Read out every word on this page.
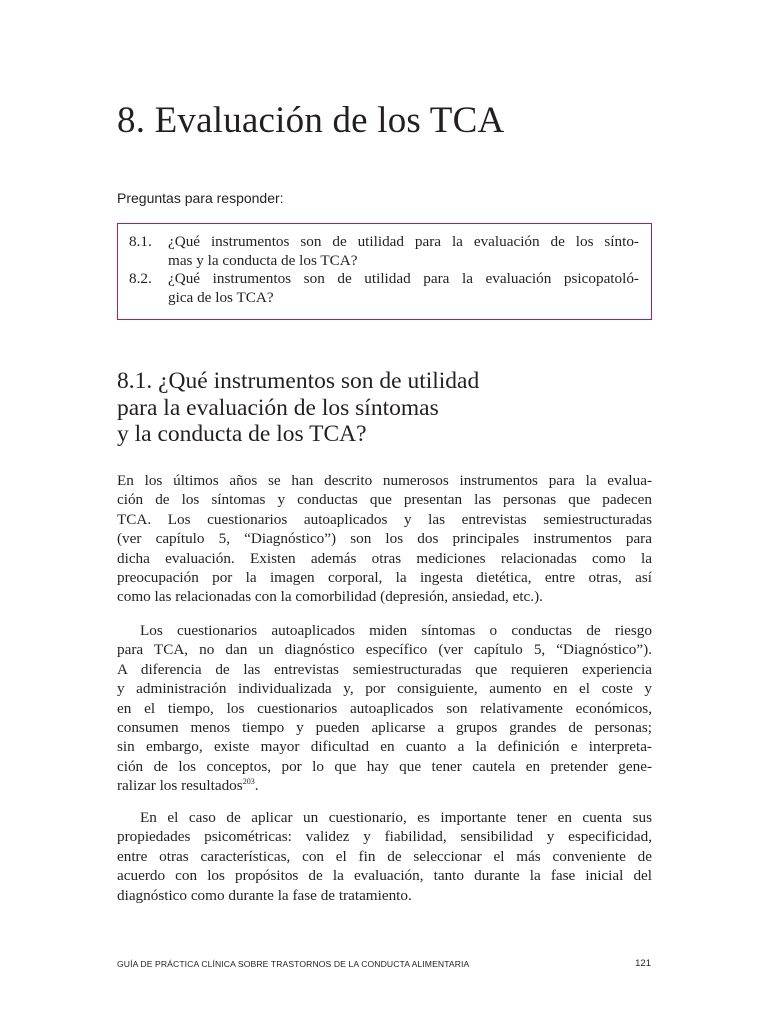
8. Evaluación de los TCA

Preguntas para responder:

8.1.	¿Qué instrumentos son de utilidad para la evaluación de los sínto-
mas y la conducta de los TCA?
8.2.	¿Qué instrumentos son de utilidad para la evaluación psicopatoló-
gica de los TCA?
8.1. ¿Qué instrumentos son de utilidad
para la evaluación de los síntomas
y la conducta de los TCA?

En los últimos años se han descrito numerosos instrumentos para la evalua-
ción de los síntomas y conductas que presentan las personas que padecen
TCA. Los cuestionarios autoaplicados y las entrevistas semiestructuradas
(ver capítulo 5, “Diagnóstico”) son los dos principales instrumentos para
dicha evaluación. Existen además otras mediciones relacionadas como la
preocupación por la imagen corporal, la ingesta dietética, entre otras, así
como las relacionadas con la comorbilidad (depresión, ansiedad, etc.).

Los cuestionarios autoaplicados miden síntomas o conductas de riesgo
para TCA, no dan un diagnóstico específico (ver capítulo 5, “Diagnóstico”).
A diferencia de las entrevistas semiestructuradas que requieren experiencia
y administración individualizada y, por consiguiente, aumento en el coste y
en el tiempo, los cuestionarios autoaplicados son relativamente económicos,
consumen menos tiempo y pueden aplicarse a grupos grandes de personas;
sin embargo, existe mayor dificultad en cuanto a la definición e interpreta-
ción de los conceptos, por lo que hay que tener cautela en pretender gene-
ralizar los resultados$^{203}$.

En el caso de aplicar un cuestionario, es importante tener en cuenta sus
propiedades psicométricas: validez y fiabilidad, sensibilidad y especificidad,
entre otras características, con el fin de seleccionar el más conveniente de
acuerdo con los propósitos de la evaluación, tanto durante la fase inicial del
diagnóstico como durante la fase de tratamiento.

GUÍA DE PRÁCTICA CLÍNICA SOBRE TRASTORNOS DE LA CONDUCTA ALIMENTARIA	121
